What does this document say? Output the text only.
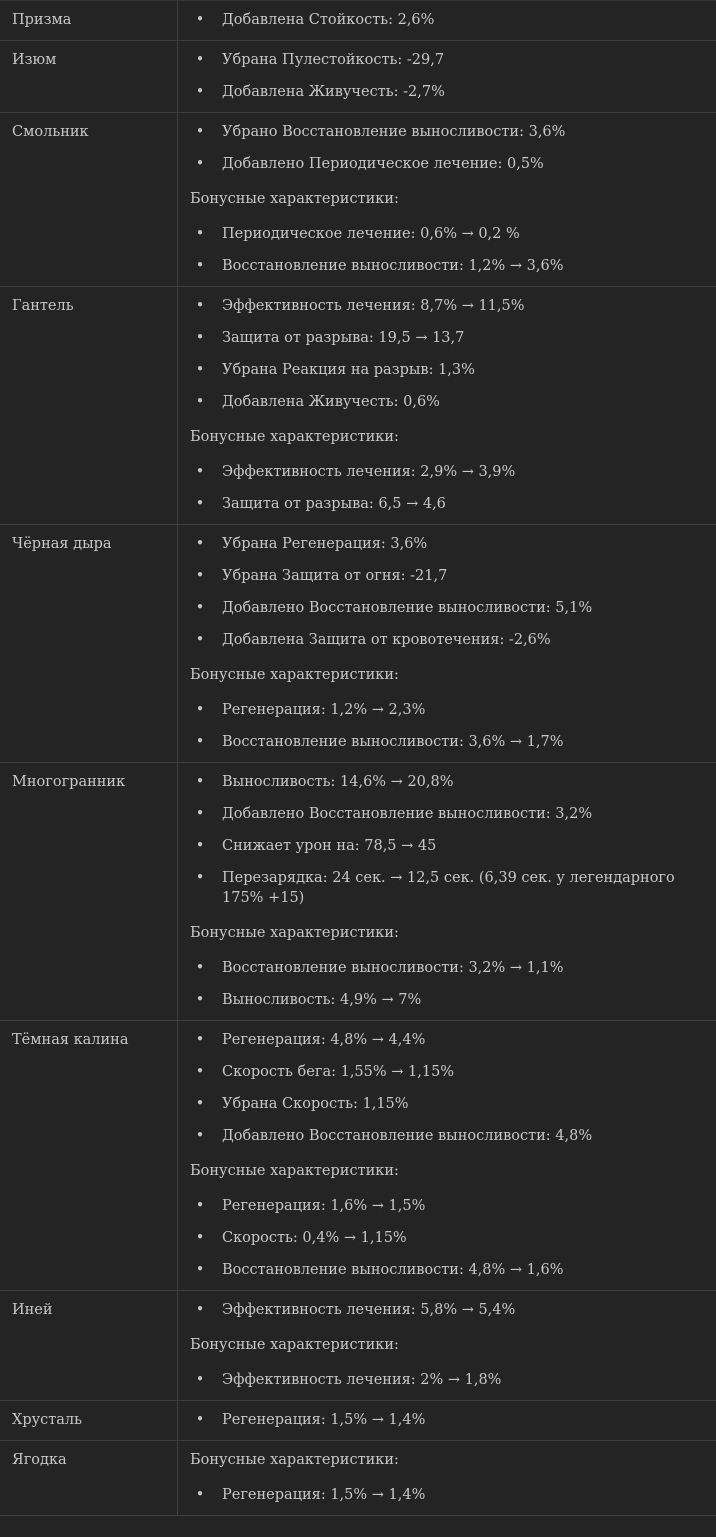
Призма	• Добавлена Стойкость: 2,6%
Изюм	• Убрана Пулестойкость: -29,7
• Добавлена Живучесть: -2,7%
Смольник	• Убрано Восстановление выносливости: 3,6%
• Добавлено Периодическое лечение: 0,5%
Бонусные характеристики:
• Периодическое лечение: 0,6% → 0,2 %
• Восстановление выносливости: 1,2% → 3,6%
Гантель	• Эффективность лечения: 8,7% → 11,5%
• Защита от разрыва: 19,5 → 13,7
• Убрана Реакция на разрыв: 1,3%
• Добавлена Живучесть: 0,6%
Бонусные характеристики:
• Эффективность лечения: 2,9% → 3,9%
• Защита от разрыва: 6,5 → 4,6
Чёрная дыра	• Убрана Регенерация: 3,6%
• Убрана Защита от огня: -21,7
• Добавлено Восстановление выносливости: 5,1%
• Добавлена Защита от кровотечения: -2,6%
Бонусные характеристики:
• Регенерация: 1,2% → 2,3%
• Восстановление выносливости: 3,6% → 1,7%
Многогранник	• Выносливость: 14,6% → 20,8%
• Добавлено Восстановление выносливости: 3,2%
• Снижает урон на: 78,5 → 45
• Перезарядка: 24 сек. → 12,5 сек. (6,39 сек. у легендарного 175% +15)
Бонусные характеристики:
• Восстановление выносливости: 3,2% → 1,1%
• Выносливость: 4,9% → 7%
Тёмная калина	• Регенерация: 4,8% → 4,4%
• Скорость бега: 1,55% → 1,15%
• Убрана Скорость: 1,15%
• Добавлено Восстановление выносливости: 4,8%
Бонусные характеристики:
• Регенерация: 1,6% → 1,5%
• Скорость: 0,4% → 1,15%
• Восстановление выносливости: 4,8% → 1,6%
Иней	• Эффективность лечения: 5,8% → 5,4%
Бонусные характеристики:
• Эффективность лечения: 2% → 1,8%
Хрусталь	• Регенерация: 1,5% → 1,4%
Ягодка	Бонусные характеристики:
• Регенерация: 1,5% → 1,4%
